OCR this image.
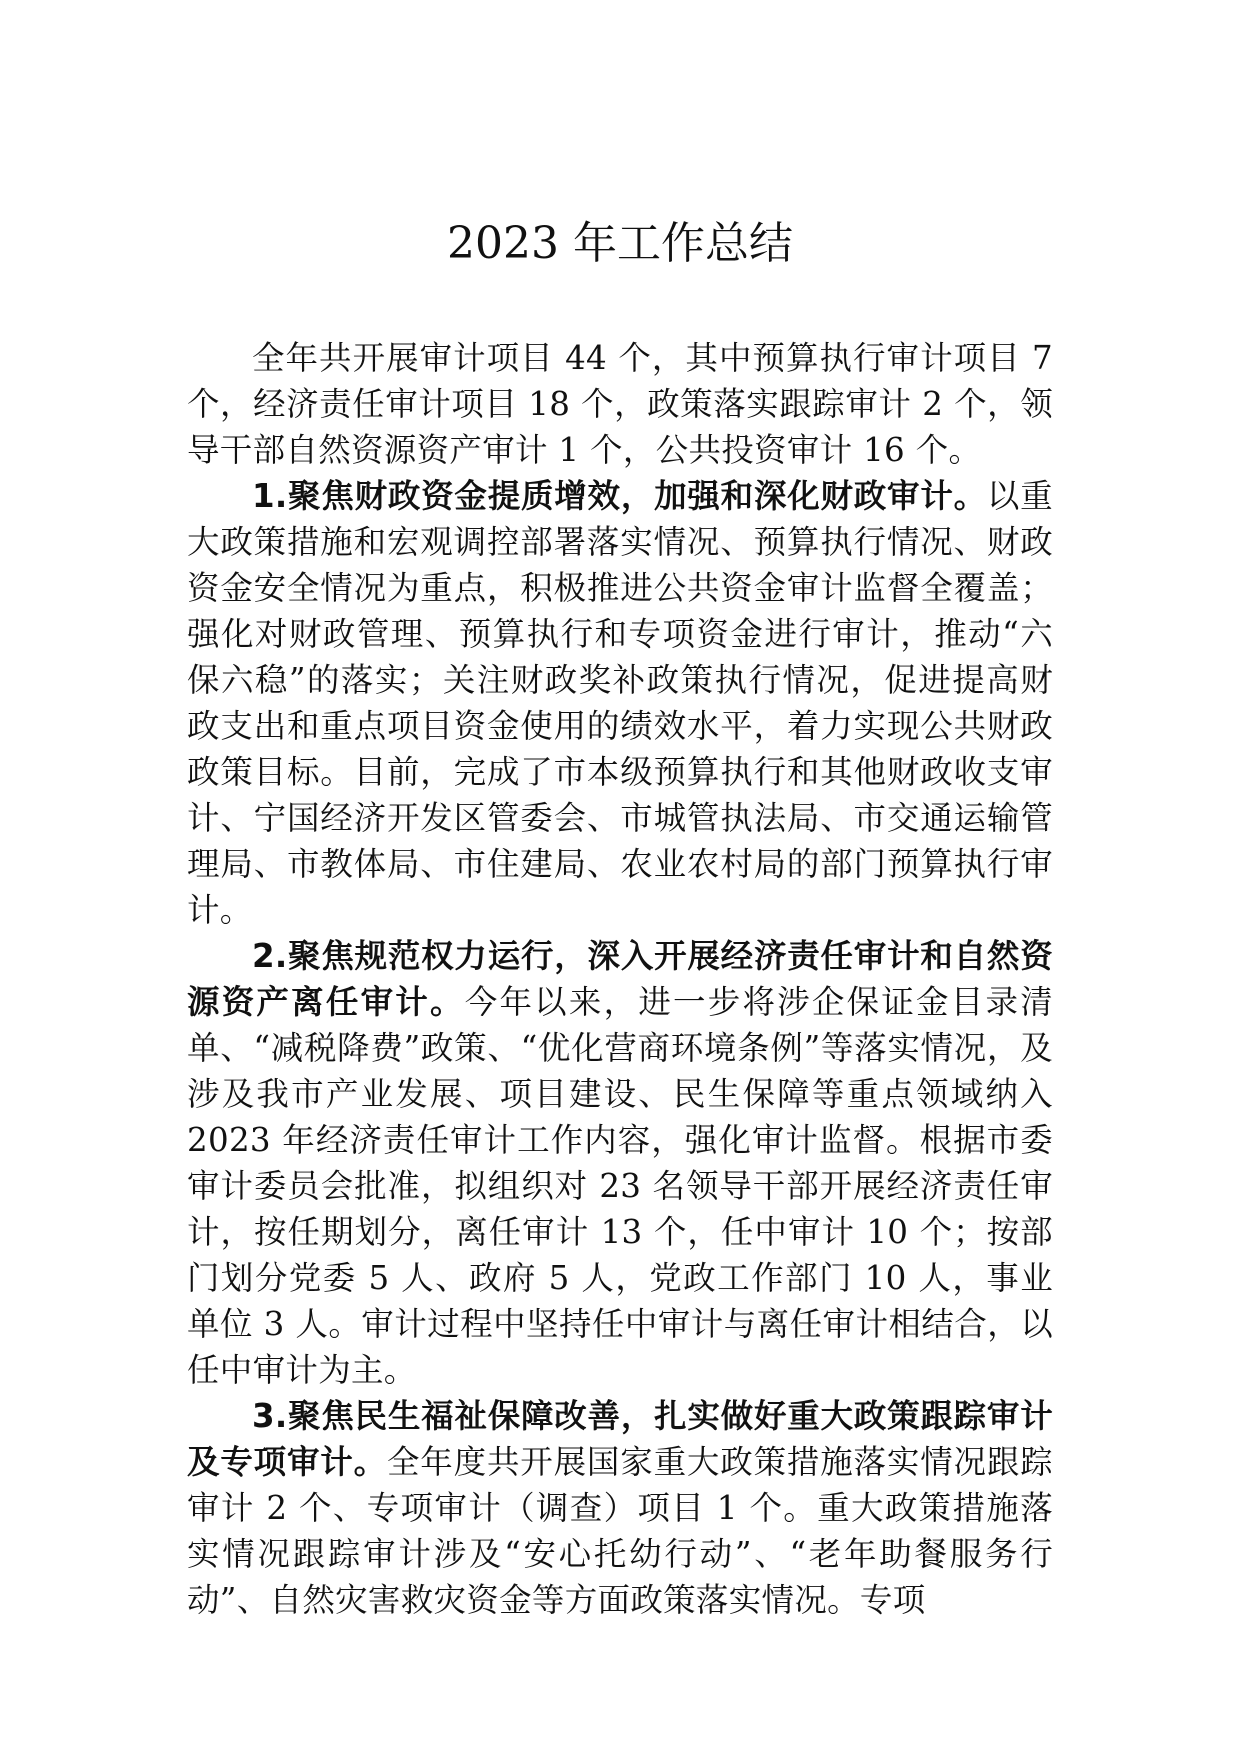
2023 年工作总结

全年共开展审计项目 44 个，其中预算执行审计项目 7 个，经济责任审计项目 18 个，政策落实跟踪审计 2 个，领导干部自然资源资产审计 1 个，公共投资审计 16 个。

1.聚焦财政资金提质增效，加强和深化财政审计。以重大政策措施和宏观调控部署落实情况、预算执行情况、财政资金安全情况为重点，积极推进公共资金审计监督全覆盖；强化对财政管理、预算执行和专项资金进行审计，推动“六保六稳”的落实；关注财政奖补政策执行情况，促进提高财政支出和重点项目资金使用的绩效水平，着力实现公共财政政策目标。目前，完成了市本级预算执行和其他财政收支审计、宁国经济开发区管委会、市城管执法局、市交通运输管理局、市教体局、市住建局、农业农村局的部门预算执行审计。

2.聚焦规范权力运行，深入开展经济责任审计和自然资源资产离任审计。今年以来，进一步将涉企保证金目录清单、“减税降费”政策、“优化营商环境条例”等落实情况，及涉及我市产业发展、项目建设、民生保障等重点领域纳入 2023 年经济责任审计工作内容，强化审计监督。根据市委审计委员会批准，拟组织对 23 名领导干部开展经济责任审计，按任期划分，离任审计 13 个，任中审计 10 个；按部门划分党委 5 人、政府 5 人，党政工作部门 10 人，事业单位 3 人。审计过程中坚持任中审计与离任审计相结合，以任中审计为主。

3.聚焦民生福祉保障改善，扎实做好重大政策跟踪审计及专项审计。全年度共开展国家重大政策措施落实情况跟踪审计 2 个、专项审计（调查）项目 1 个。重大政策措施落实情况跟踪审计涉及“安心托幼行动”、“老年助餐服务行动”、自然灾害救灾资金等方面政策落实情况。专项
